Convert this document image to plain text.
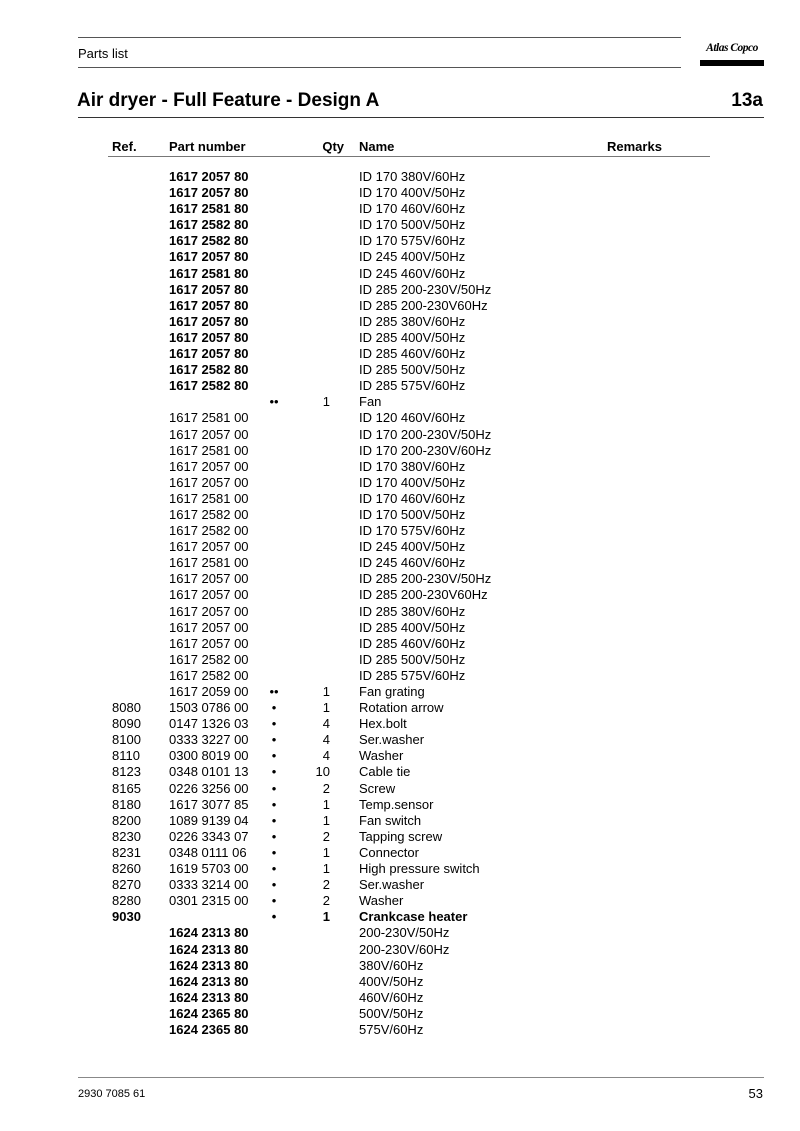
Parts list	Atlas Copco
Air dryer - Full Feature - Design A	13a
Ref. Part number	Qty Name	Remarks
1617 2057 80	ID 170 380V/60Hz
1617 2057 80	ID 170 400V/50Hz
1617 2581 80	ID 170 460V/60Hz
1617 2582 80	ID 170 500V/50Hz
1617 2582 80	ID 170 575V/60Hz
1617 2057 80	ID 245 400V/50Hz
1617 2581 80	ID 245 460V/60Hz
1617 2057 80	ID 285 200-230V/50Hz
1617 2057 80	ID 285 200-230V60Hz
1617 2057 80	ID 285 380V/60Hz
1617 2057 80	ID 285 400V/50Hz
1617 2057 80	ID 285 460V/60Hz
1617 2582 80	ID 285 500V/50Hz
1617 2582 80	ID 285 575V/60Hz
••	1 Fan
1617 2581 00	ID 120 460V/60Hz
1617 2057 00	ID 170 200-230V/50Hz
1617 2581 00	ID 170 200-230V/60Hz
1617 2057 00	ID 170 380V/60Hz
1617 2057 00	ID 170 400V/50Hz
1617 2581 00	ID 170 460V/60Hz
1617 2582 00	ID 170 500V/50Hz
1617 2582 00	ID 170 575V/60Hz
1617 2057 00	ID 245 400V/50Hz
1617 2581 00	ID 245 460V/60Hz
1617 2057 00	ID 285 200-230V/50Hz
1617 2057 00	ID 285 200-230V60Hz
1617 2057 00	ID 285 380V/60Hz
1617 2057 00	ID 285 400V/50Hz
1617 2057 00	ID 285 460V/60Hz
1617 2582 00	ID 285 500V/50Hz
1617 2582 00	ID 285 575V/60Hz
1617 2059 00	••	1 Fan grating
8080 1503 0786 00	•	1 Rotation arrow
8090 0147 1326 03	•	4 Hex.bolt
8100 0333 3227 00	•	4 Ser.washer
8110 0300 8019 00	•	4 Washer
8123 0348 0101 13	•	10 Cable tie
8165 0226 3256 00	•	2 Screw
8180 1617 3077 85	•	1 Temp.sensor
8200 1089 9139 04	•	1 Fan switch
8230 0226 3343 07	•	2 Tapping screw
8231 0348 0111 06	•	1 Connector
8260 1619 5703 00	•	1 High pressure switch
8270 0333 3214 00	•	2 Ser.washer
8280 0301 2315 00	•	2 Washer
9030	•	1 Crankcase heater
1624 2313 80	200-230V/50Hz
1624 2313 80	200-230V/60Hz
1624 2313 80	380V/60Hz
1624 2313 80	400V/50Hz
1624 2313 80	460V/60Hz
1624 2365 80	500V/50Hz
1624 2365 80	575V/60Hz
2930 7085 61	53
